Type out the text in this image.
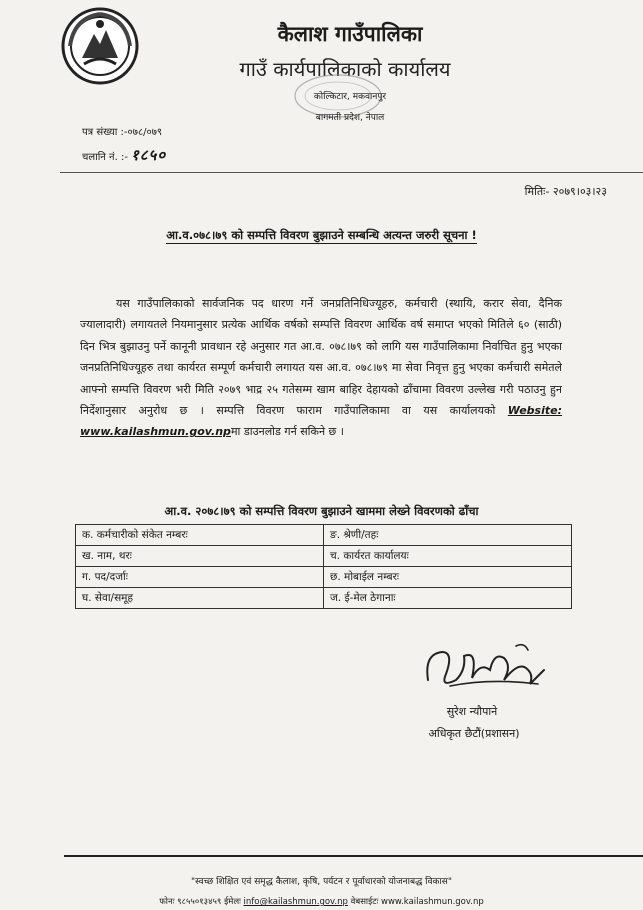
कैलाश गाउँपालिका
गाउँ कार्यपालिकाको कार्यालय
कोल्किटार, मकवानपुर
बागमती प्रदेश, नेपाल
पत्र संख्या :-०७८/०७९
चलानि नं. :- १८५०
मितिः- २०७९।०३।२३
आ.व.०७८।७९ को सम्पत्ति विवरण बुझाउने सम्बन्धि अत्यन्त जरुरी सूचना !
यस गाउँपालिकाको सार्वजनिक पद धारण गर्ने जनप्रतिनिधिज्यूहरु, कर्मचारी (स्थायि, करार सेवा, दैनिक ज्यालादारी) लगायतले नियमानुसार प्रत्येक आर्थिक वर्षको सम्पत्ति विवरण आर्थिक वर्ष समाप्त भएको मितिले ६० (साठी) दिन भित्र बुझाउनु पर्ने कानूनी प्रावधान रहे अनुसार गत आ.व. ०७८।७९ को लागि यस गाउँपालिकामा निर्वाचित हुनु भएका जनप्रतिनिधिज्यूहरु तथा कार्यरत सम्पूर्ण कर्मचारी लगायत यस आ.व. ०७८।७९ मा सेवा निवृत्त हुनु भएका कर्मचारी समेतले आफ्नो सम्पत्ति विवरण भरी मिति २०७९ भाद्र २५ गतेसम्म खाम बाहिर देहायको ढाँचामा विवरण उल्लेख गरी पठाउनु हुन निर्देशानुसार अनुरोध छ । सम्पत्ति विवरण फाराम गाउँपालिकामा वा यस कार्यालयको Website: www.kailashmun.gov.npमा डाउनलोड गर्न सकिने छ ।
आ.व. २०७८।७९ को सम्पत्ति विवरण बुझाउने खाममा लेख्ने विवरणको ढाँचा
क. कर्मचारीको संकेत नम्बरः	ङ. श्रेणी/तहः
ख. नाम, थरः	च. कार्यरत कार्यालयः
ग. पद/दर्जाः	छ. मोबाईल नम्बरः
घ. सेवा/समूह	ज. ई-मेल ठेगानाः
सुरेश न्यौपाने
अधिकृत छैटौं(प्रशासन)
"स्वच्छ शिक्षित एवं समृद्ध कैलाश, कृषि, पर्यटन र पूर्वाधारको योजनाबद्ध विकास"
फोनः ९८५५०१३४५९ ईमेलः info@kailashmun.gov.np वेबसाईटः www.kailashmun.gov.np
